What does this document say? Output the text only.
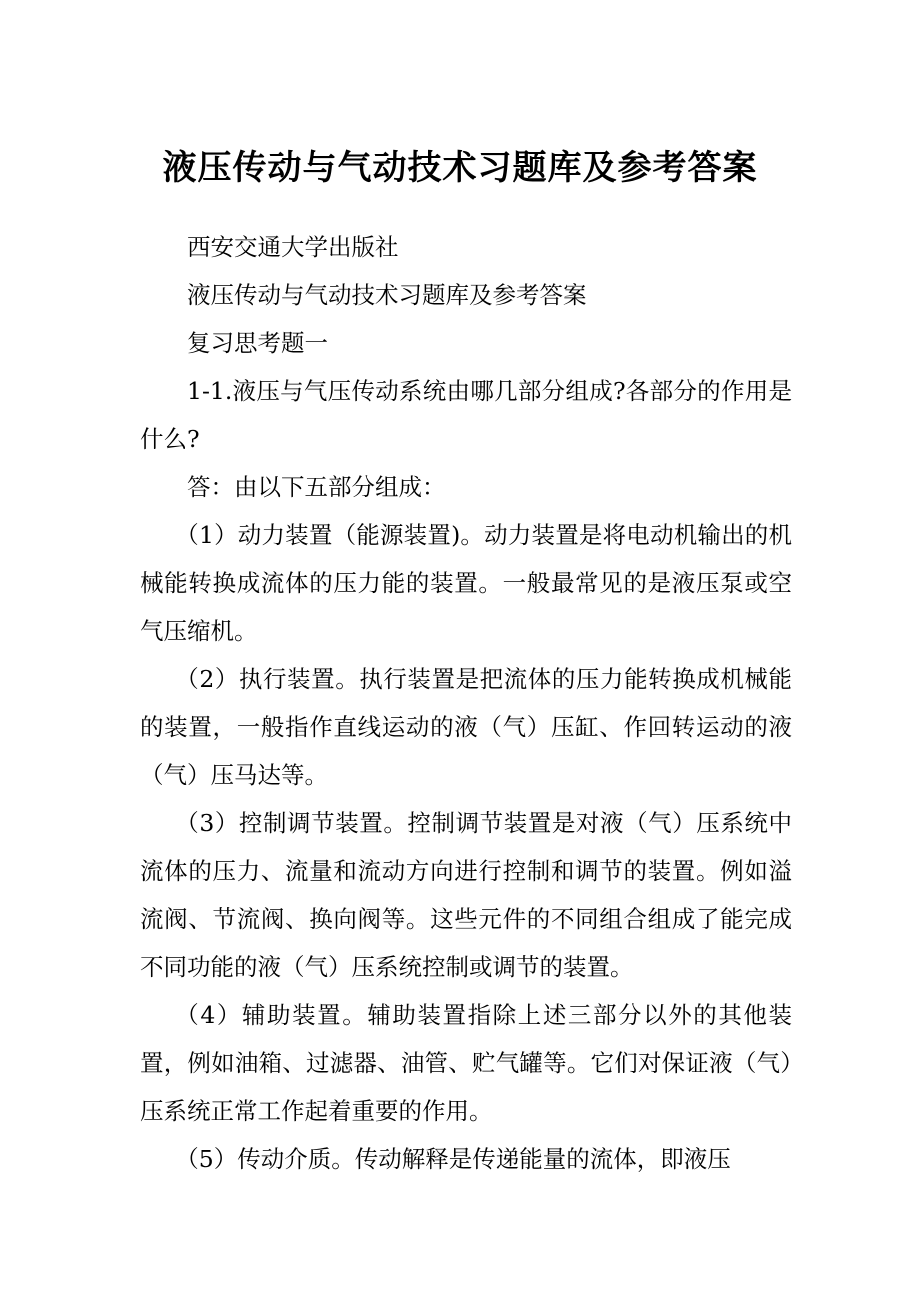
液压传动与气动技术习题库及参考答案

西安交通大学出版社

液压传动与气动技术习题库及参考答案

复习思考题一

1-1.液压与气压传动系统由哪几部分组成?各部分的作用是什么?

答：由以下五部分组成：

（1）动力装置（能源装置)。动力装置是将电动机输出的机械能转换成流体的压力能的装置。一般最常见的是液压泵或空气压缩机。

（2）执行装置。执行装置是把流体的压力能转换成机械能的装置，一般指作直线运动的液（气）压缸、作回转运动的液（气）压马达等。

（3）控制调节装置。控制调节装置是对液（气）压系统中流体的压力、流量和流动方向进行控制和调节的装置。例如溢流阀、节流阀、换向阀等。这些元件的不同组合组成了能完成不同功能的液（气）压系统控制或调节的装置。

（4）辅助装置。辅助装置指除上述三部分以外的其他装置，例如油箱、过滤器、油管、贮气罐等。它们对保证液（气）压系统正常工作起着重要的作用。

（5）传动介质。传动解释是传递能量的流体，即液压
